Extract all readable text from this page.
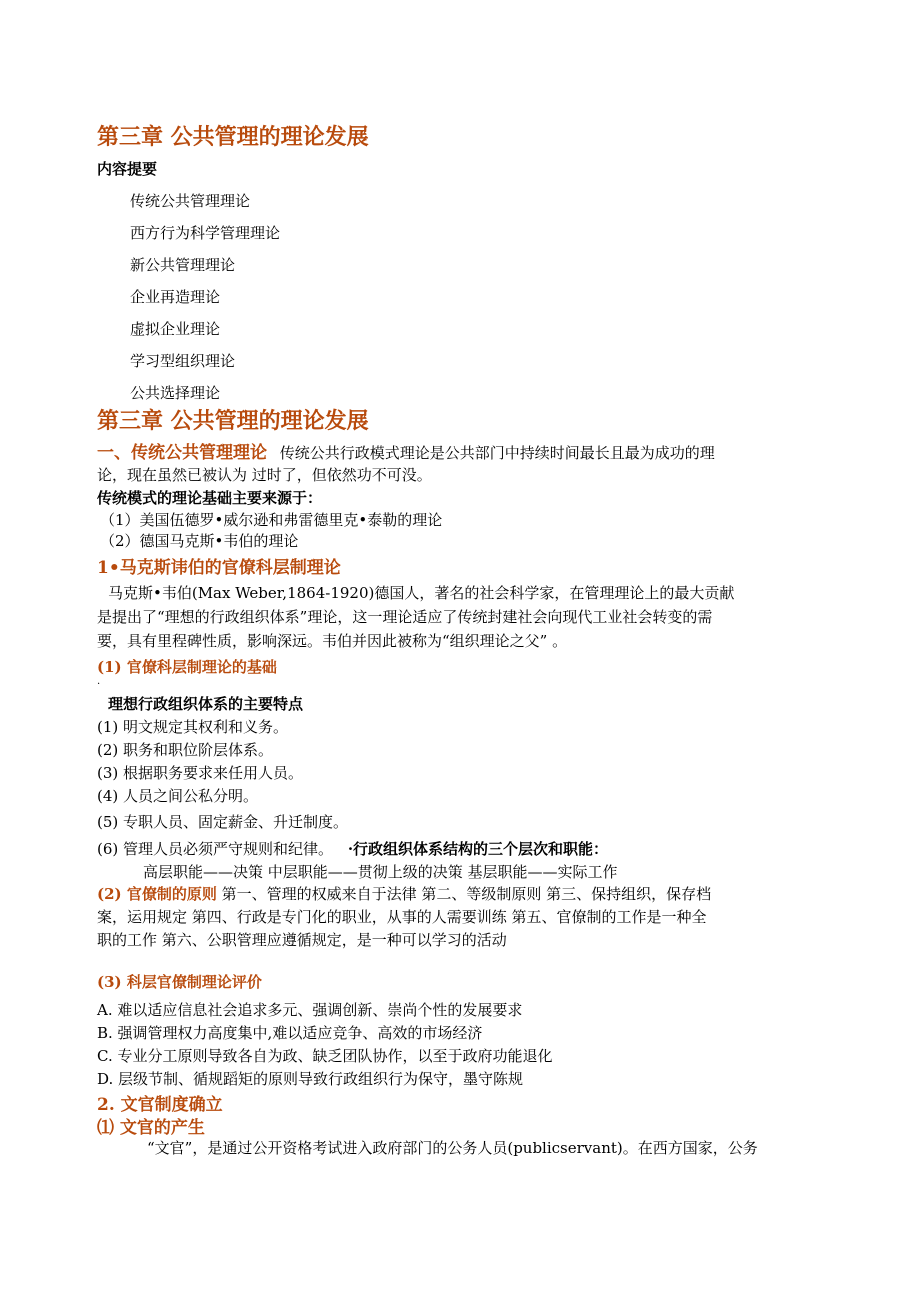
第三章 公共管理的理论发展
内容提要
传统公共管理理论
西方行为科学管理理论
新公共管理理论
企业再造理论
虚拟企业理论
学习型组织理论
公共选择理论
第三章 公共管理的理论发展
一、传统公共管理理论 传统公共行政模式理论是公共部门中持续时间最长且最为成功的理
论，现在虽然已被认为 过时了，但依然功不可没。
传统模式的理论基础主要来源于：
（1）美国伍德罗•威尔逊和弗雷德里克•泰勒的理论
（2）德国马克斯•韦伯的理论
1•马克斯讳伯的官僚科层制理论
马克斯•韦伯(Max Weber,1864-1920)德国人，著名的社会科学家，在管理理论上的最大贡献
是提出了“理想的行政组织体系”理论，这一理论适应了传统封建社会向现代工业社会转变的需
要，具有里程碑性质，影响深远。韦伯并因此被称为“组织理论之父” 。
(1) 官僚科层制理论的基础
.
理想行政组织体系的主要特点
(1) 明文规定其权利和义务。
(2) 职务和职位阶层体系。
(3) 根据职务要求来任用人员。
(4) 人员之间公私分明。
(5) 专职人员、固定薪金、升迁制度。
(6) 管理人员必须严守规则和纪律。 ·行政组织体系结构的三个层次和职能：
高层职能——决策 中层职能——贯彻上级的决策 基层职能——实际工作
(2) 官僚制的原则 第一、管理的权威来自于法律 第二、等级制原则 第三、保持组织，保存档
案，运用规定 第四、行政是专门化的职业，从事的人需要训练 第五、官僚制的工作是一种全
职的工作 第六、公职管理应遵循规定，是一种可以学习的活动
(3) 科层官僚制理论评价
A. 难以适应信息社会追求多元、强调创新、崇尚个性的发展要求
B. 强调管理权力高度集中,难以适应竞争、高效的市场经济
C. 专业分工原则导致各自为政、缺乏团队协作，以至于政府功能退化
D. 层级节制、循规蹈矩的原则导致行政组织行为保守，墨守陈规
2. 文官制度确立
⑴ 文官的产生
“文官”，是通过公开资格考试进入政府部门的公务人员(publicservant)。在西方国家，公务
